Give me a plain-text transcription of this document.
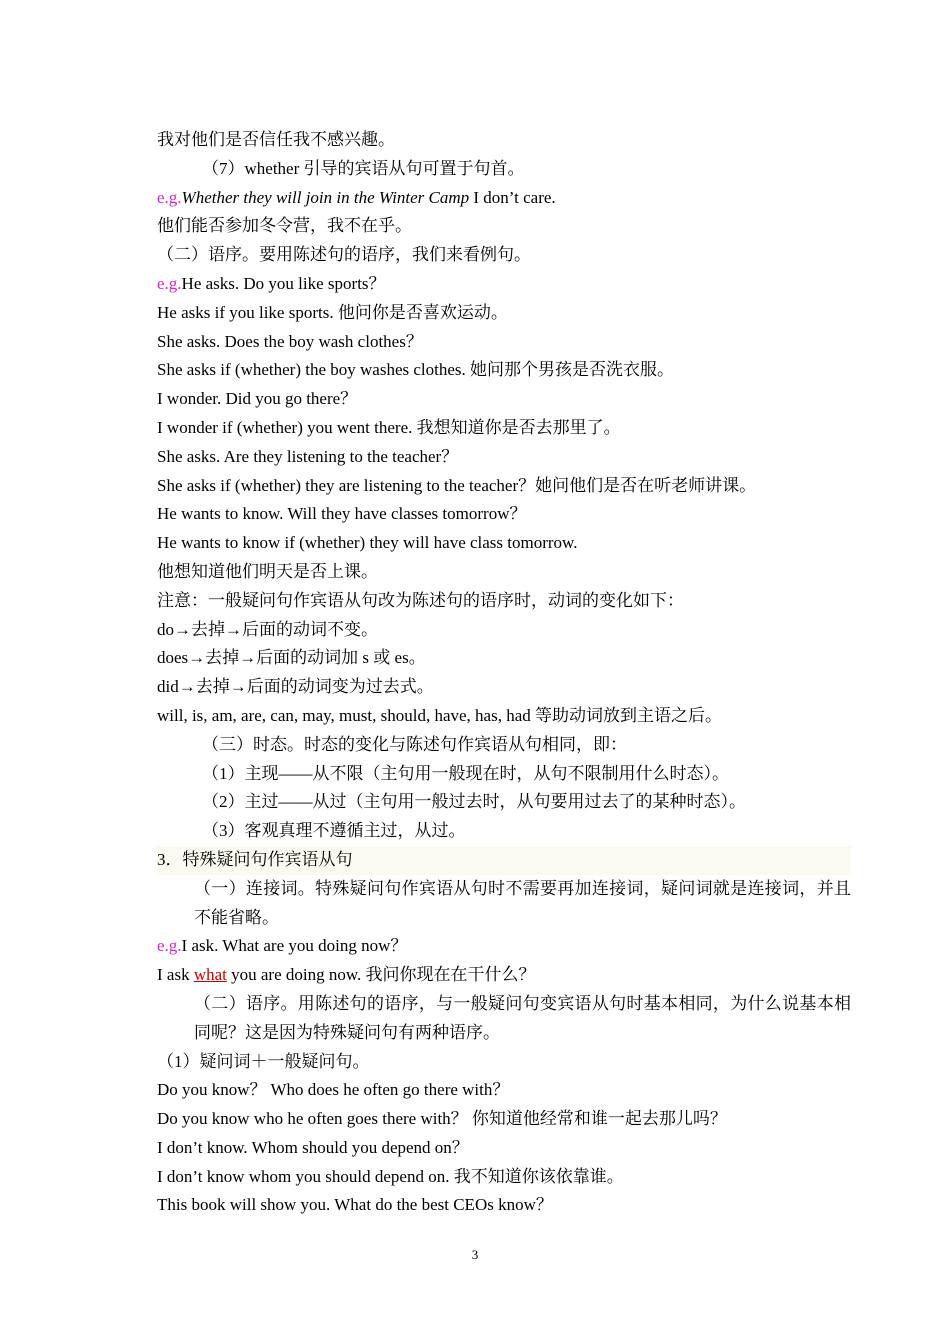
我对他们是否信任我不感兴趣。
（7）whether 引导的宾语从句可置于句首。
e.g.Whether they will join in the Winter Camp I don’t care.
他们能否参加冬令营，我不在乎。
（二）语序。要用陈述句的语序，我们来看例句。
e.g.He asks. Do you like sports？
He asks if you like sports. 他问你是否喜欢运动。
She asks. Does the boy wash clothes？
She asks if (whether) the boy washes clothes. 她问那个男孩是否洗衣服。
I wonder. Did you go there？
I wonder if (whether) you went there. 我想知道你是否去那里了。
She asks. Are they listening to the teacher？
She asks if (whether) they are listening to the teacher？她问他们是否在听老师讲课。
He wants to know. Will they have classes tomorrow？
He wants to know if (whether) they will have class tomorrow.
他想知道他们明天是否上课。
注意：一般疑问句作宾语从句改为陈述句的语序时，动词的变化如下：
do→去掉→后面的动词不变。
does→去掉→后面的动词加 s 或 es。
did→去掉→后面的动词变为过去式。
will, is, am, are, can, may, must, should, have, has, had 等助动词放到主语之后。
（三）时态。时态的变化与陈述句作宾语从句相同，即：
（1）主现——从不限（主句用一般现在时，从句不限制用什么时态）。
（2）主过——从过（主句用一般过去时，从句要用过去了的某种时态）。
（3）客观真理不遵循主过，从过。
3．特殊疑问句作宾语从句
（一）连接词。特殊疑问句作宾语从句时不需要再加连接词，疑问词就是连接词，并且不能省略。
e.g.I ask. What are you doing now？
I ask what you are doing now. 我问你现在在干什么？
（二）语序。用陈述句的语序，与一般疑问句变宾语从句时基本相同，为什么说基本相同呢？这是因为特殊疑问句有两种语序。
（1）疑问词＋一般疑问句。
Do you know？ Who does he often go there with？
Do you know who he often goes there with？ 你知道他经常和谁一起去那儿吗？
I don’t know. Whom should you depend on？
I don’t know whom you should depend on. 我不知道你该依靠谁。
This book will show you. What do the best CEOs know？
3
